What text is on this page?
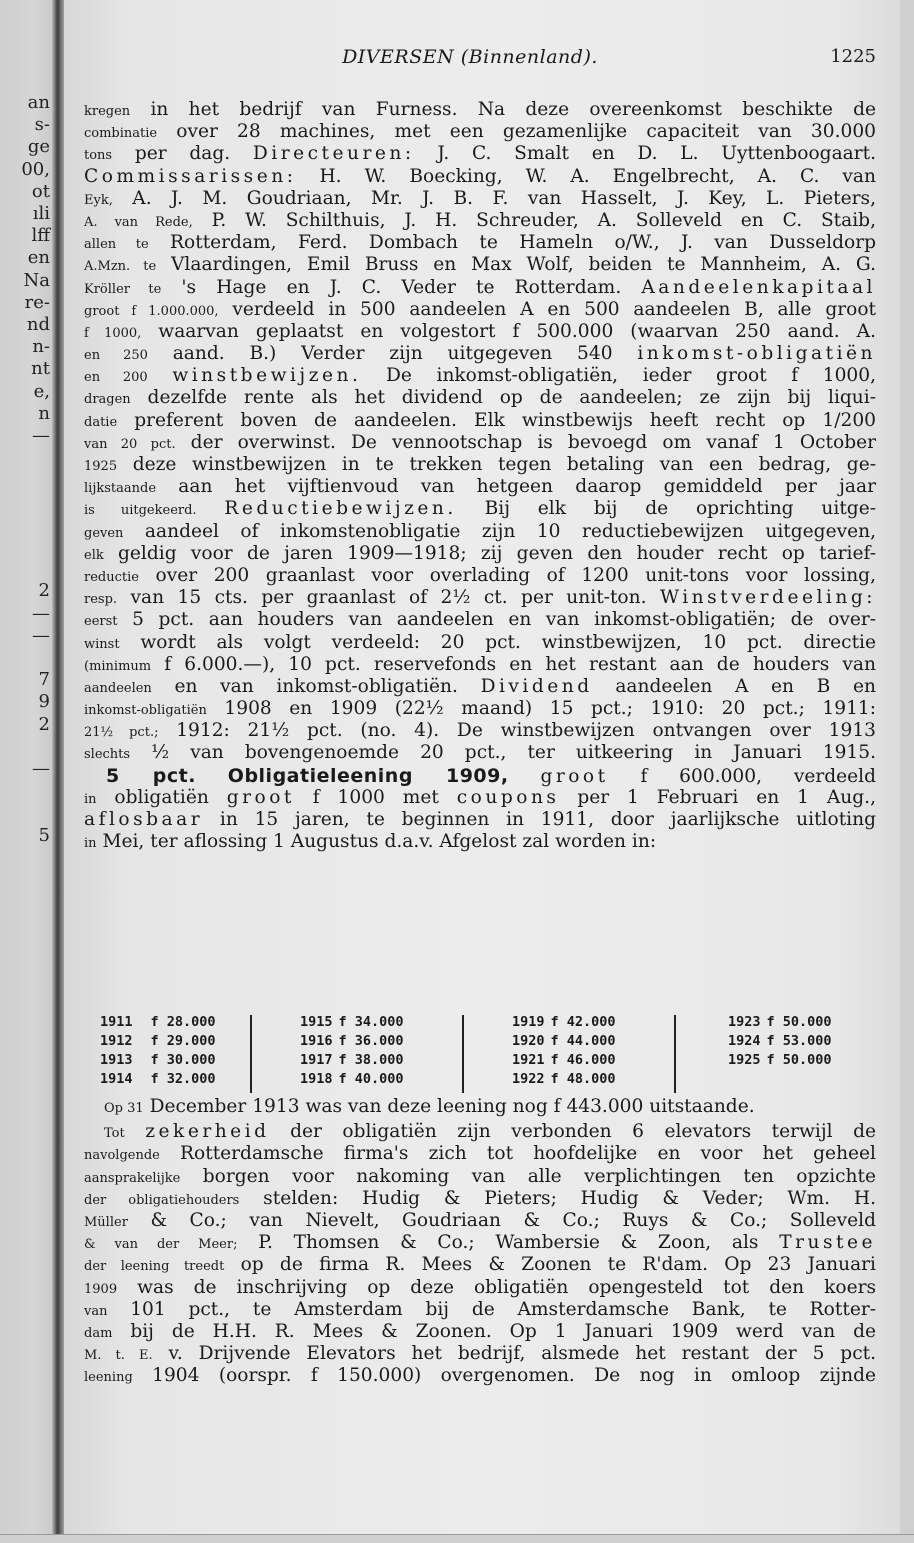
an
s-
ge
00,
ot
ıli
lff
en
Na
re-
nd
n-
nt
e,
n
—
2
—
—
7
9
2
—
5
DIVERSEN (Binnenland).	1225
kregen in het bedrijf van Furness. Na deze overeenkomst beschikte de
combinatie over 28 machines, met een gezamenlijke capaciteit van 30.000
tons per dag. Directeuren: J. C. Smalt en D. L. Uyttenboogaart.
Commissarissen: H. W. Boecking, W. A. Engelbrecht, A. C. van
Eyk, A. J. M. Goudriaan, Mr. J. B. F. van Hasselt, J. Key, L. Pieters,
A. van Rede, P. W. Schilthuis, J. H. Schreuder, A. Solleveld en C. Staib,
allen te Rotterdam, Ferd. Dombach te Hameln o/W., J. van Dusseldorp
A.Mzn. te Vlaardingen, Emil Bruss en Max Wolf, beiden te Mannheim, A. G.
Kröller te 's Hage en J. C. Veder te Rotterdam. Aandeelenkapitaal
groot f 1.000.000, verdeeld in 500 aandeelen A en 500 aandeelen B, alle groot
f 1000, waarvan geplaatst en volgestort f 500.000 (waarvan 250 aand. A.
en 250 aand. B.) Verder zijn uitgegeven 540 inkomst-obligatiën
en 200 winstbewijzen. De inkomst-obligatiën, ieder groot f 1000,
dragen dezelfde rente als het dividend op de aandeelen; ze zijn bij liqui-
datie preferent boven de aandeelen. Elk winstbewijs heeft recht op 1/200
van 20 pct. der overwinst. De vennootschap is bevoegd om vanaf 1 October
1925 deze winstbewijzen in te trekken tegen betaling van een bedrag, ge-
lijkstaande aan het vijftienvoud van hetgeen daarop gemiddeld per jaar
is uitgekeerd. Reductiebewijzen. Bij elk bij de oprichting uitge-
geven aandeel of inkomstenobligatie zijn 10 reductiebewijzen uitgegeven,
elk geldig voor de jaren 1909—1918; zij geven den houder recht op tarief-
reductie over 200 graanlast voor overlading of 1200 unit-tons voor lossing,
resp. van 15 cts. per graanlast of 2½ ct. per unit-ton. Winstverdeeling:
eerst 5 pct. aan houders van aandeelen en van inkomst-obligatiën; de over-
winst wordt als volgt verdeeld: 20 pct. winstbewijzen, 10 pct. directie
(minimum f 6.000.—), 10 pct. reservefonds en het restant aan de houders van
aandeelen en van inkomst-obligatiën. Dividend aandeelen A en B en
inkomst-obligatiën 1908 en 1909 (22½ maand) 15 pct.; 1910: 20 pct.; 1911:
21½ pct.; 1912: 21½ pct. (no. 4). De winstbewijzen ontvangen over 1913
slechts ½ van bovengenoemde 20 pct., ter uitkeering in Januari 1915.
5 pct. Obligatieleening 1909, groot f 600.000, verdeeld
in obligatiën groot f 1000 met coupons per 1 Februari en 1 Aug.,
aflosbaar in 15 jaren, te beginnen in 1911, door jaarlijksche uitloting
in Mei, ter aflossing 1 Augustus d.a.v. Afgelost zal worden in:
1911 f 28.000
1912 f 29.000
1913 f 30.000
1914 f 32.000
1915 f 34.000
1916 f 36.000
1917 f 38.000
1918 f 40.000
1919 f 42.000
1920 f 44.000
1921 f 46.000
1922 f 48.000
1923 f 50.000
1924 f 53.000
1925 f 50.000
Op 31 December 1913 was van deze leening nog f 443.000 uitstaande.
Tot zekerheid der obligatiën zijn verbonden 6 elevators terwijl de
navolgende Rotterdamsche firma's zich tot hoofdelijke en voor het geheel
aansprakelijke borgen voor nakoming van alle verplichtingen ten opzichte
der obligatiehouders stelden: Hudig & Pieters; Hudig & Veder; Wm. H.
Müller & Co.; van Nievelt, Goudriaan & Co.; Ruys & Co.; Solleveld
& van der Meer; P. Thomsen & Co.; Wambersie & Zoon, als Trustee
der leening treedt op de firma R. Mees & Zoonen te R'dam. Op 23 Januari
1909 was de inschrijving op deze obligatiën opengesteld tot den koers
van 101 pct., te Amsterdam bij de Amsterdamsche Bank, te Rotter-
dam bij de H.H. R. Mees & Zoonen. Op 1 Januari 1909 werd van de
M. t. E. v. Drijvende Elevators het bedrijf, alsmede het restant der 5 pct.
leening 1904 (oorspr. f 150.000) overgenomen. De nog in omloop zijnde
